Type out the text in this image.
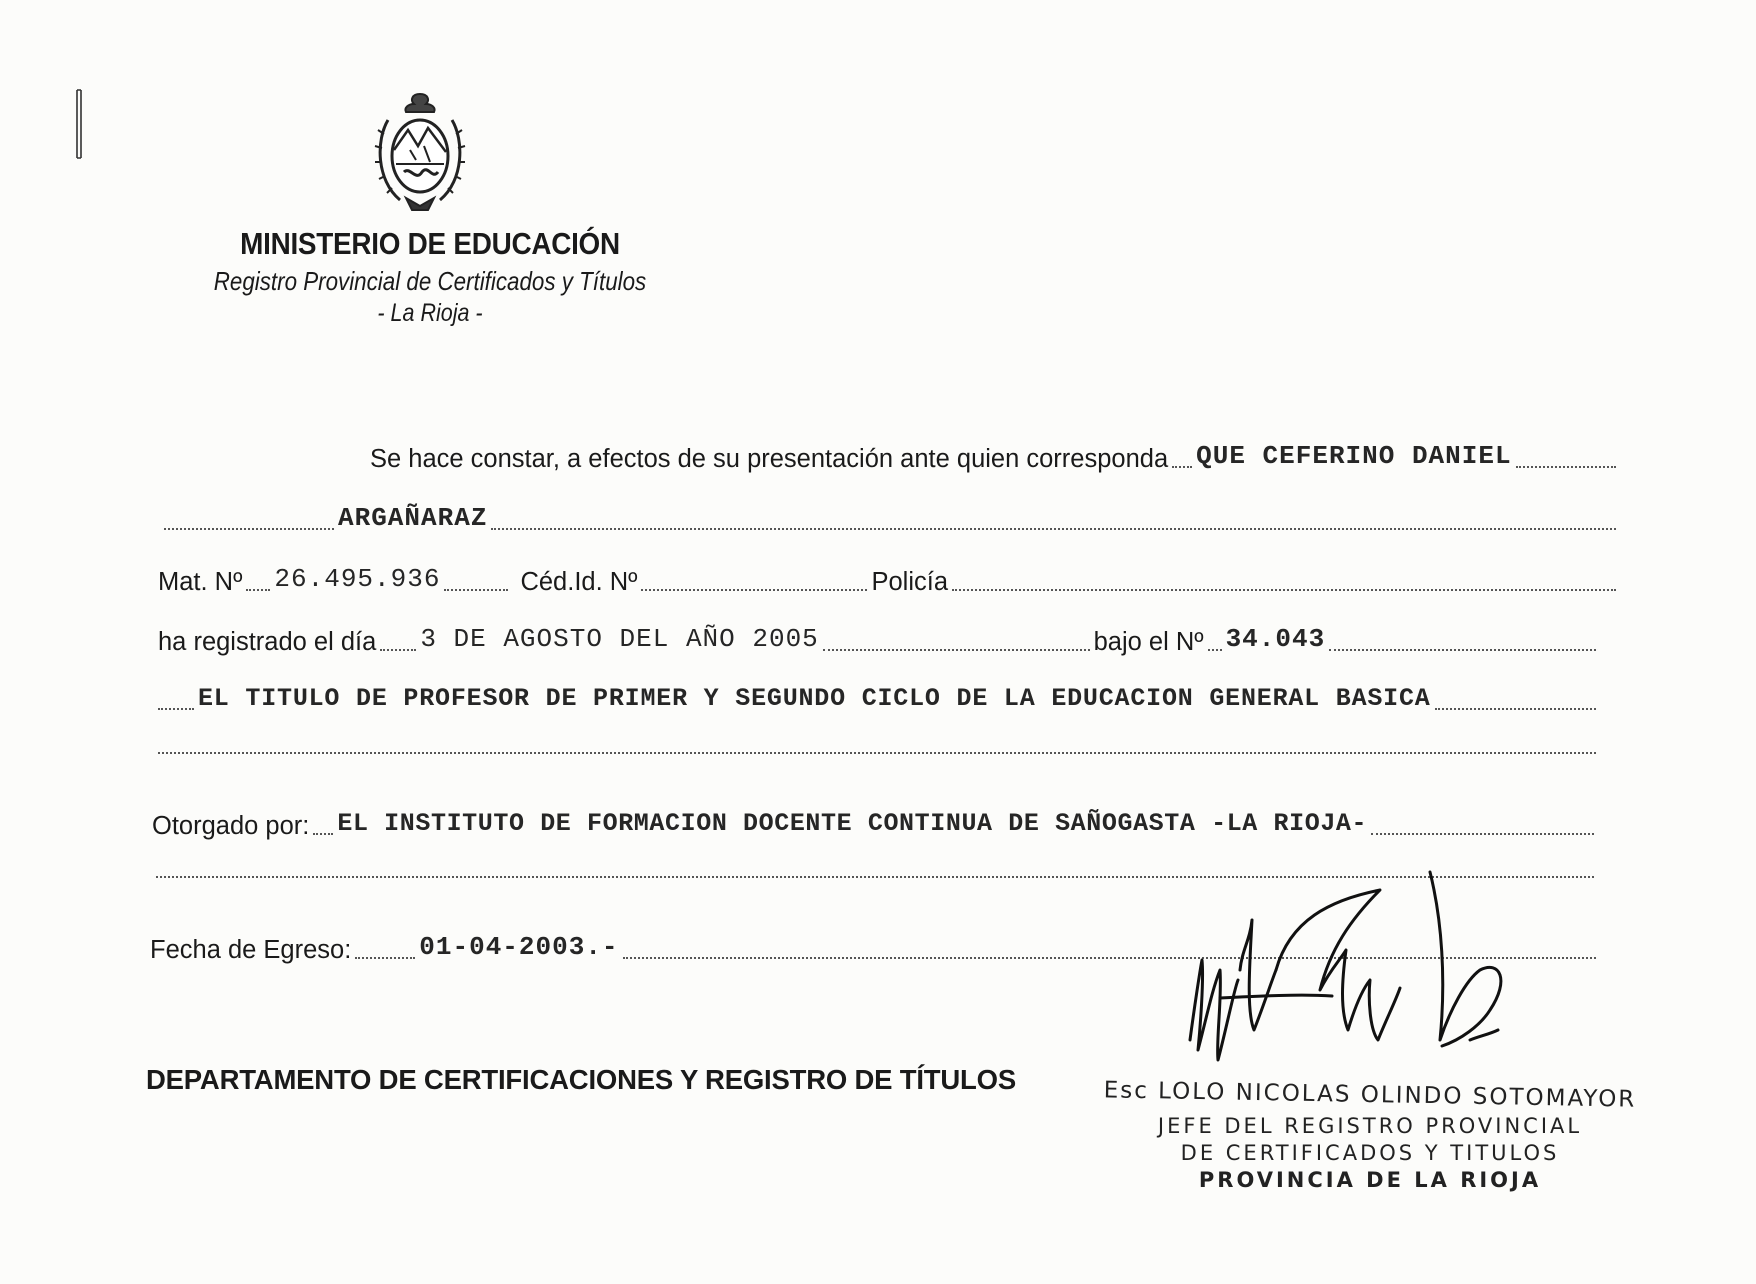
MINISTERIO DE EDUCACIÓN
Registro Provincial de Certificados y Títulos
- La Rioja -
Se hace constar, a efectos de su presentación ante quien corresponda QUE CEFERINO DANIEL
ARGAÑARAZ
Mat. Nº 26.495.936	Céd.Id. Nº	Policía
ha registrado el día 3 DE AGOSTO DEL AÑO 2005	bajo el Nº 34.043
EL TITULO DE PROFESOR DE PRIMER Y SEGUNDO CICLO DE LA EDUCACION GENERAL BASICA
Otorgado por: EL INSTITUTO DE FORMACION DOCENTE CONTINUA DE SAÑOGASTA -LA RIOJA-
Fecha de Egreso:	01-04-2003.-
DEPARTAMENTO DE CERTIFICACIONES Y REGISTRO DE TÍTULOS	Esc LOLO NICOLAS OLINDO SOTOMAYOR
JEFE DEL REGISTRO PROVINCIAL
DE CERTIFICADOS Y TITULOS
PROVINCIA DE LA RIOJA
